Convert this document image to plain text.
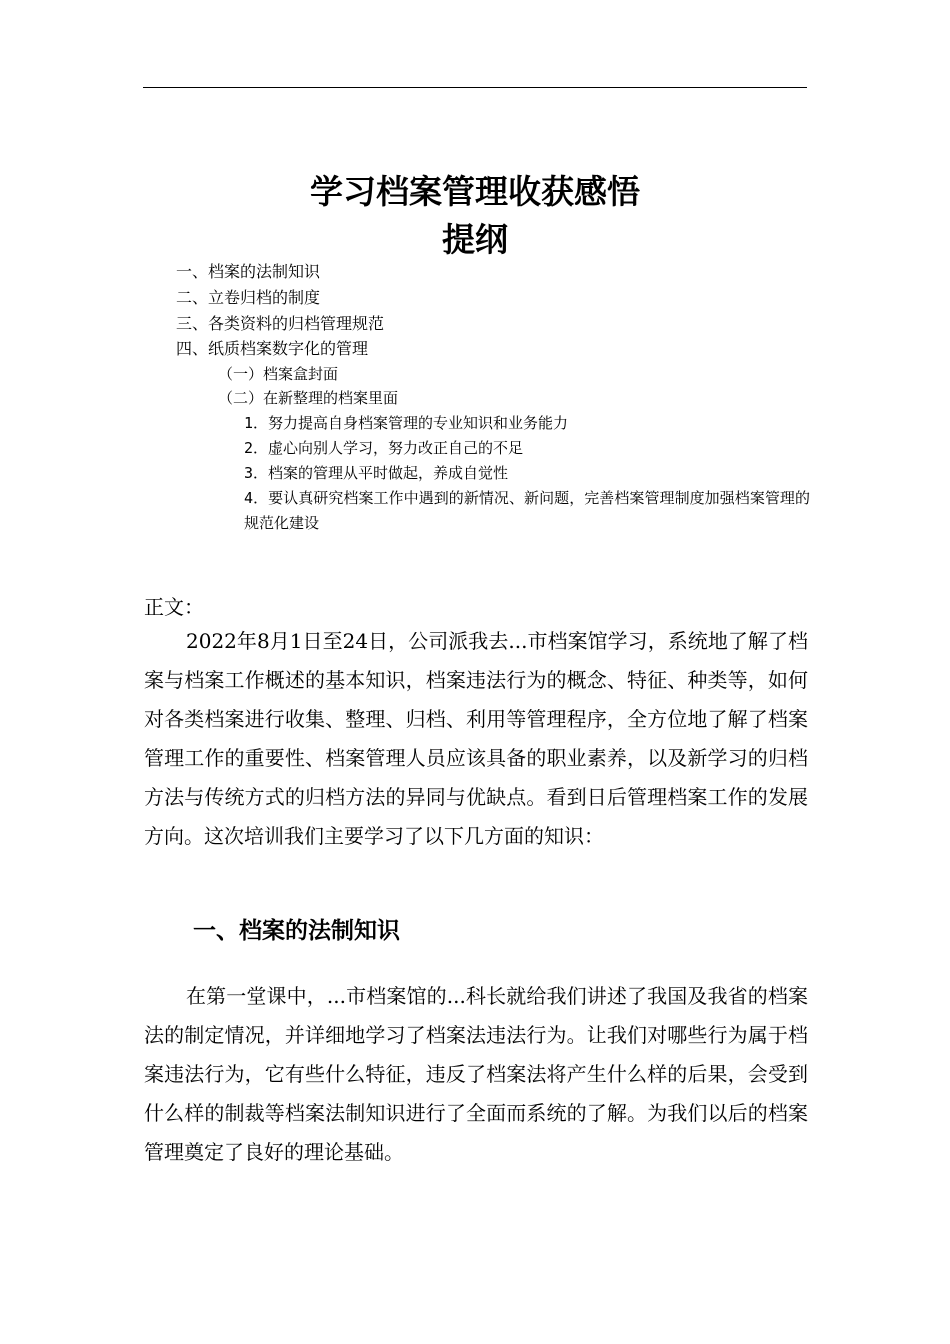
学习档案管理收获感悟
提纲

一、档案的法制知识

二、立卷归档的制度

三、各类资料的归档管理规范

四、纸质档案数字化的管理

（一）档案盒封面

（二）在新整理的档案里面

1．努力提高自身档案管理的专业知识和业务能力

2．虚心向别人学习，努力改正自己的不足

3．档案的管理从平时做起，养成自觉性

4．要认真研究档案工作中遇到的新情况、新问题，完善档案管理制度加强档案管理的规范化建设

正文：

2022年8月1日至24日，公司派我去...市档案馆学习，系统地了解了档案与档案工作概述的基本知识，档案违法行为的概念、特征、种类等，如何对各类档案进行收集、整理、归档、利用等管理程序，全方位地了解了档案管理工作的重要性、档案管理人员应该具备的职业素养，以及新学习的归档方法与传统方式的归档方法的异同与优缺点。看到日后管理档案工作的发展方向。这次培训我们主要学习了以下几方面的知识：

一、档案的法制知识

在第一堂课中，...市档案馆的...科长就给我们讲述了我国及我省的档案法的制定情况，并详细地学习了档案法违法行为。让我们对哪些行为属于档案违法行为，它有些什么特征，违反了档案法将产生什么样的后果，会受到什么样的制裁等档案法制知识进行了全面而系统的了解。为我们以后的档案管理奠定了良好的理论基础。
